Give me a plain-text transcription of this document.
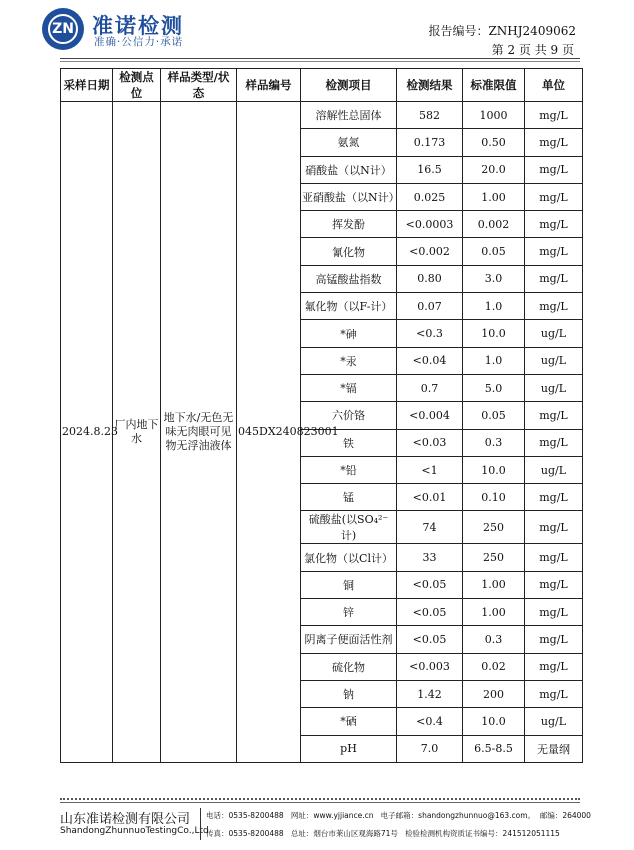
ZN 准诺检测
准确·公信力·承诺
报告编号：ZNHJ2409062
第 2 页 共 9 页
采样日期	检测点位	样品类型/状态	样品编号	检测项目	检测结果	标准限值	单位
2024.8.23	厂内地下水	地下水/无色无味无肉眼可见物无浮油液体	045DX240823001	溶解性总固体	582	1000	mg/L
				氨氮	0.173	0.50	mg/L
				硝酸盐（以N计）	16.5	20.0	mg/L
				亚硝酸盐（以N计）	0.025	1.00	mg/L
				挥发酚	<0.0003	0.002	mg/L
				氰化物	<0.002	0.05	mg/L
				高锰酸盐指数	0.80	3.0	mg/L
				氟化物（以F-计）	0.07	1.0	mg/L
				*砷	<0.3	10.0	ug/L
				*汞	<0.04	1.0	ug/L
				*镉	0.7	5.0	ug/L
				六价铬	<0.004	0.05	mg/L
				铁	<0.03	0.3	mg/L
				*铅	<1	10.0	ug/L
				锰	<0.01	0.10	mg/L
				硫酸盐(以SO₄²⁻计)	74	250	mg/L
				氯化物（以Cl计）	33	250	mg/L
				铜	<0.05	1.00	mg/L
				锌	<0.05	1.00	mg/L
				阴离子便面活性剂	<0.05	0.3	mg/L
				硫化物	<0.003	0.02	mg/L
				钠	1.42	200	mg/L
				*硒	<0.4	10.0	ug/L
				pH	7.0	6.5-8.5	无量纲
山东准诺检测有限公司
ShandongZhunnuoTestingCo.,Ltd
电话：0535-8200488 网址：www.yjjiance.cn 电子邮箱：shandongzhunnuo@163.com。 邮编：264000
传真：0535-8200488 总址：烟台市莱山区观海路71号 检验检测机构资质证书编号：241512051115
